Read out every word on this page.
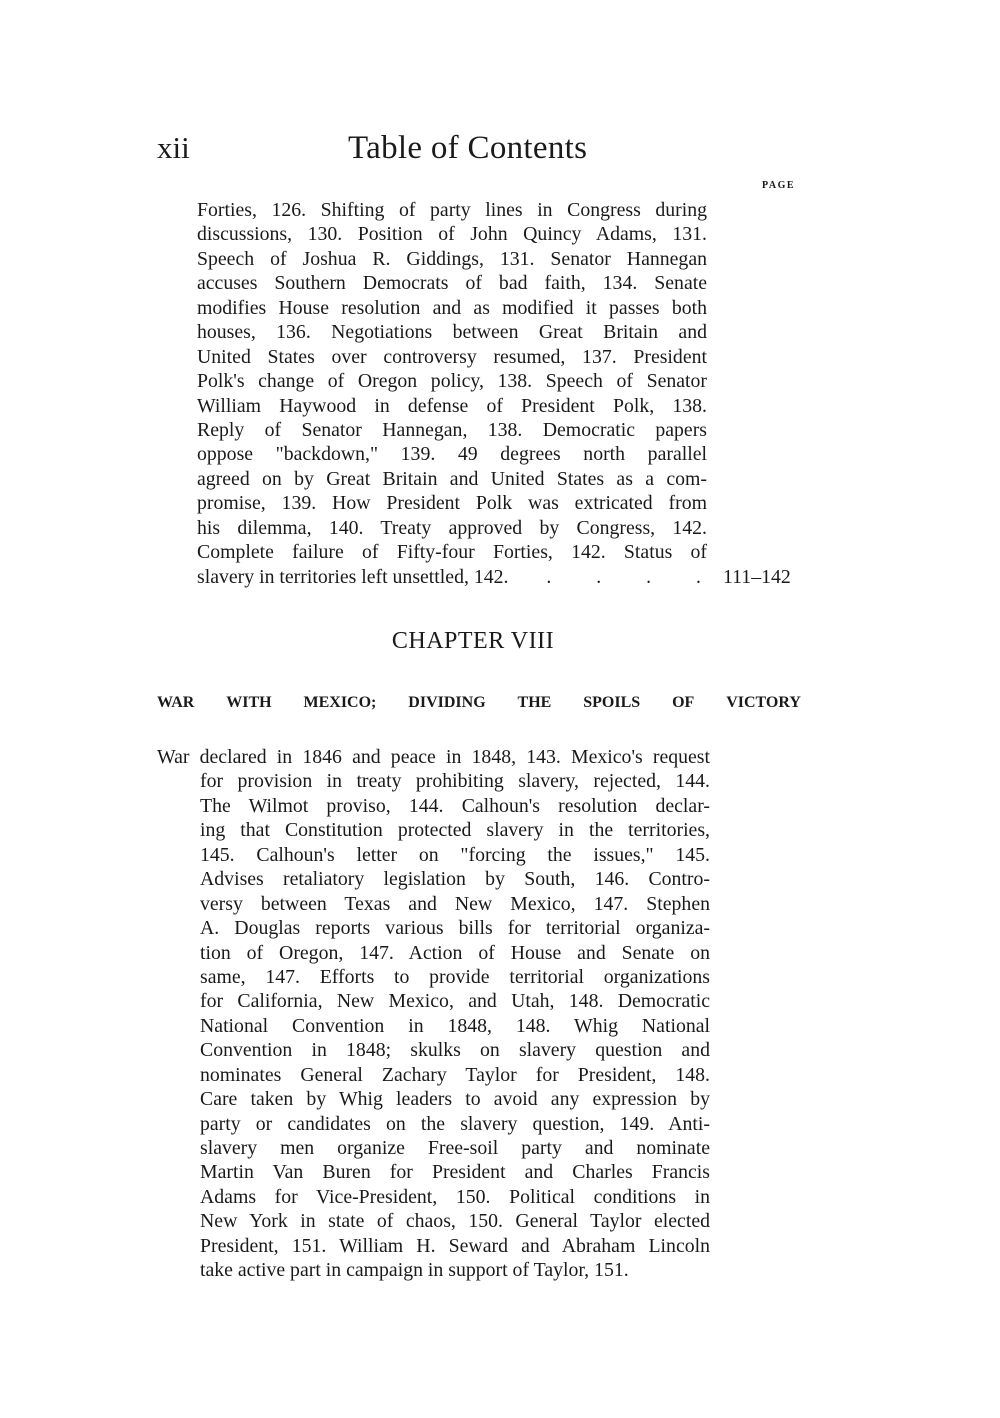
xii	Table of Contents
PAGE
Forties, 126. Shifting of party lines in Congress during
discussions, 130. Position of John Quincy Adams, 131.
Speech of Joshua R. Giddings, 131. Senator Hannegan
accuses Southern Democrats of bad faith, 134. Senate
modifies House resolution and as modified it passes both
houses, 136. Negotiations between Great Britain and
United States over controversy resumed, 137. President
Polk's change of Oregon policy, 138. Speech of Senator
William Haywood in defense of President Polk, 138.
Reply of Senator Hannegan, 138. Democratic papers
oppose "backdown," 139. 49 degrees north parallel
agreed on by Great Britain and United States as a com-
promise, 139. How President Polk was extricated from
his dilemma, 140. Treaty approved by Congress, 142.
Complete failure of Fifty-four Forties, 142. Status of
slavery in territories left unsettled, 142.	. . . .	111–142
CHAPTER VIII
WAR WITH MEXICO; DIVIDING THE SPOILS OF VICTORY
War declared in 1846 and peace in 1848, 143. Mexico's request
for provision in treaty prohibiting slavery, rejected, 144.
The Wilmot proviso, 144. Calhoun's resolution declar-
ing that Constitution protected slavery in the territories,
145. Calhoun's letter on "forcing the issues," 145.
Advises retaliatory legislation by South, 146. Contro-
versy between Texas and New Mexico, 147. Stephen
A. Douglas reports various bills for territorial organiza-
tion of Oregon, 147. Action of House and Senate on
same, 147. Efforts to provide territorial organizations
for California, New Mexico, and Utah, 148. Democratic
National Convention in 1848, 148. Whig National
Convention in 1848; skulks on slavery question and
nominates General Zachary Taylor for President, 148.
Care taken by Whig leaders to avoid any expression by
party or candidates on the slavery question, 149. Anti-
slavery men organize Free-soil party and nominate
Martin Van Buren for President and Charles Francis
Adams for Vice-President, 150. Political conditions in
New York in state of chaos, 150. General Taylor elected
President, 151. William H. Seward and Abraham Lincoln
take active part in campaign in support of Taylor, 151.
